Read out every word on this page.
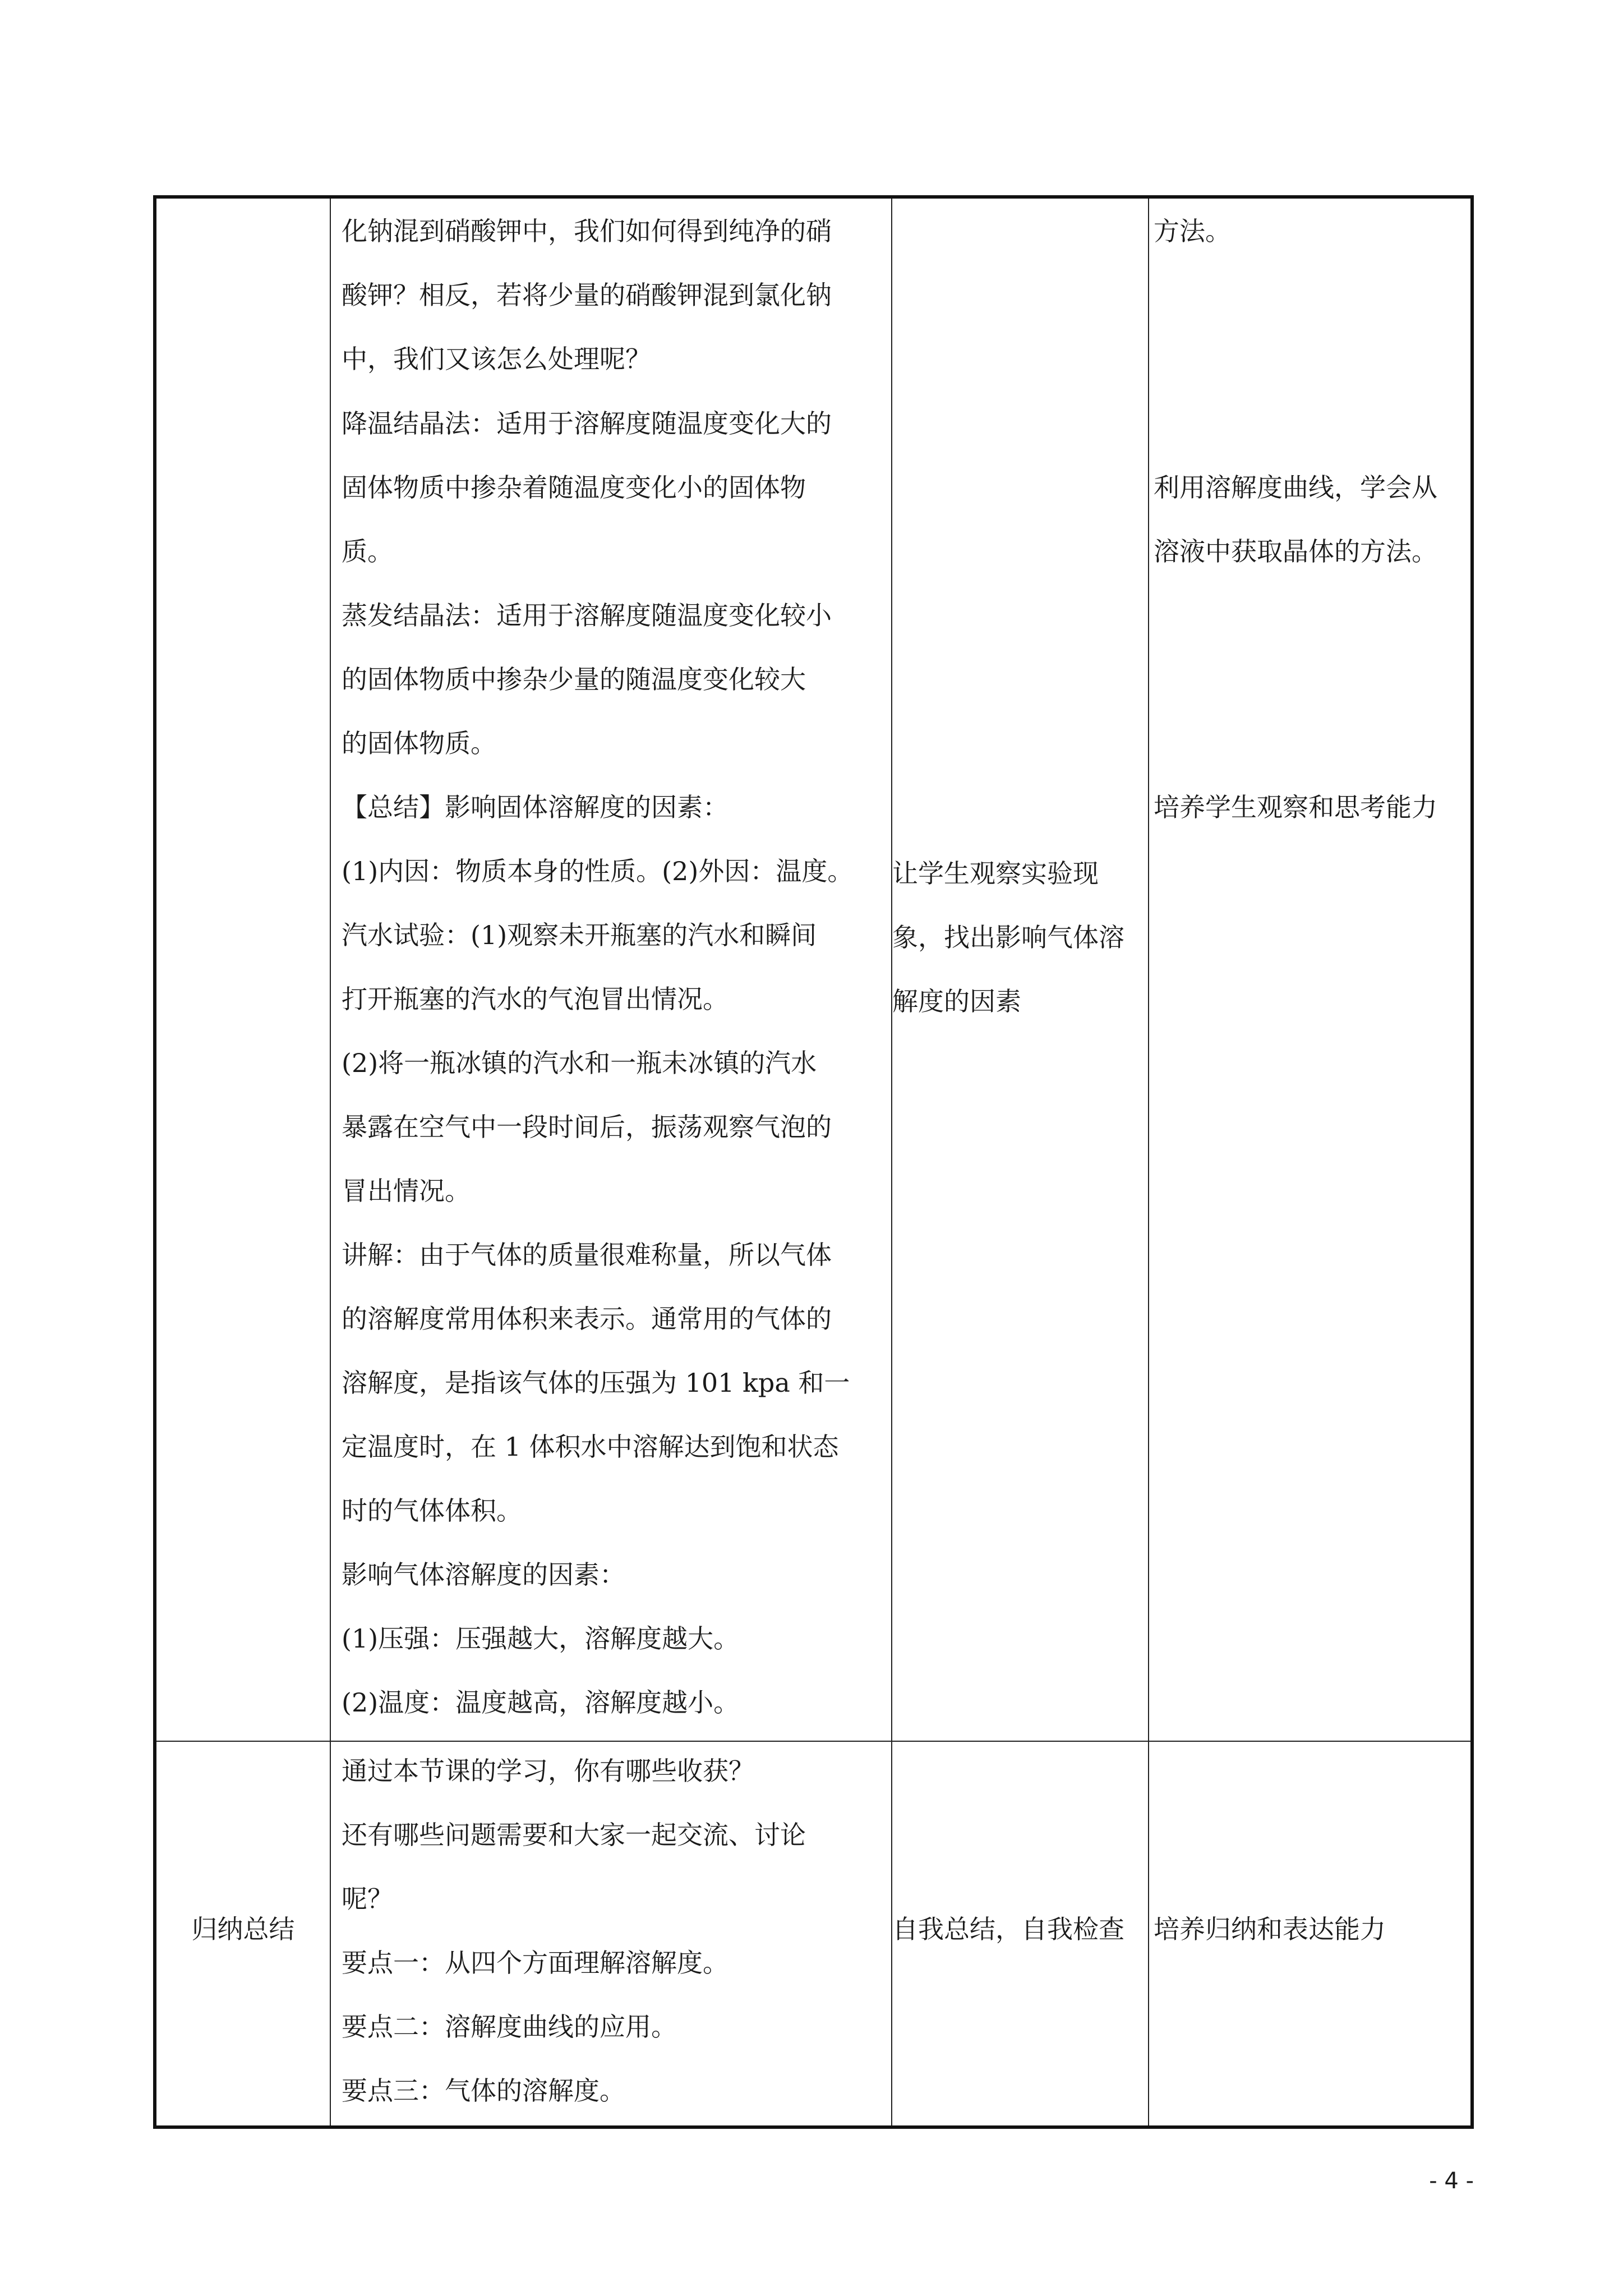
化钠混到硝酸钾中，我们如何得到纯净的硝
酸钾？相反，若将少量的硝酸钾混到氯化钠
中，我们又该怎么处理呢？
降温结晶法：适用于溶解度随温度变化大的
固体物质中掺杂着随温度变化小的固体物
质。
蒸发结晶法：适用于溶解度随温度变化较小
的固体物质中掺杂少量的随温度变化较大
的固体物质。
【总结】影响固体溶解度的因素：
(1)内因：物质本身的性质。(2)外因：温度。
汽水试验：(1)观察未开瓶塞的汽水和瞬间
打开瓶塞的汽水的气泡冒出情况。
(2)将一瓶冰镇的汽水和一瓶未冰镇的汽水
暴露在空气中一段时间后，振荡观察气泡的
冒出情况。
讲解：由于气体的质量很难称量，所以气体
的溶解度常用体积来表示。通常用的气体的
溶解度，是指该气体的压强为 101 kpa 和一
定温度时，在 1 体积水中溶解达到饱和状态
时的气体体积。
影响气体溶解度的因素：
(1)压强：压强越大，溶解度越大。
(2)温度：温度越高，溶解度越小。
让学生观察实验现
象，找出影响气体溶
解度的因素
方法。
利用溶解度曲线，学会从
溶液中获取晶体的方法。
培养学生观察和思考能力
归纳总结
通过本节课的学习，你有哪些收获？
还有哪些问题需要和大家一起交流、讨论
呢？
要点一：从四个方面理解溶解度。
要点二：溶解度曲线的应用。
要点三：气体的溶解度。
自我总结，自我检查 培养归纳和表达能力
- 4 -
